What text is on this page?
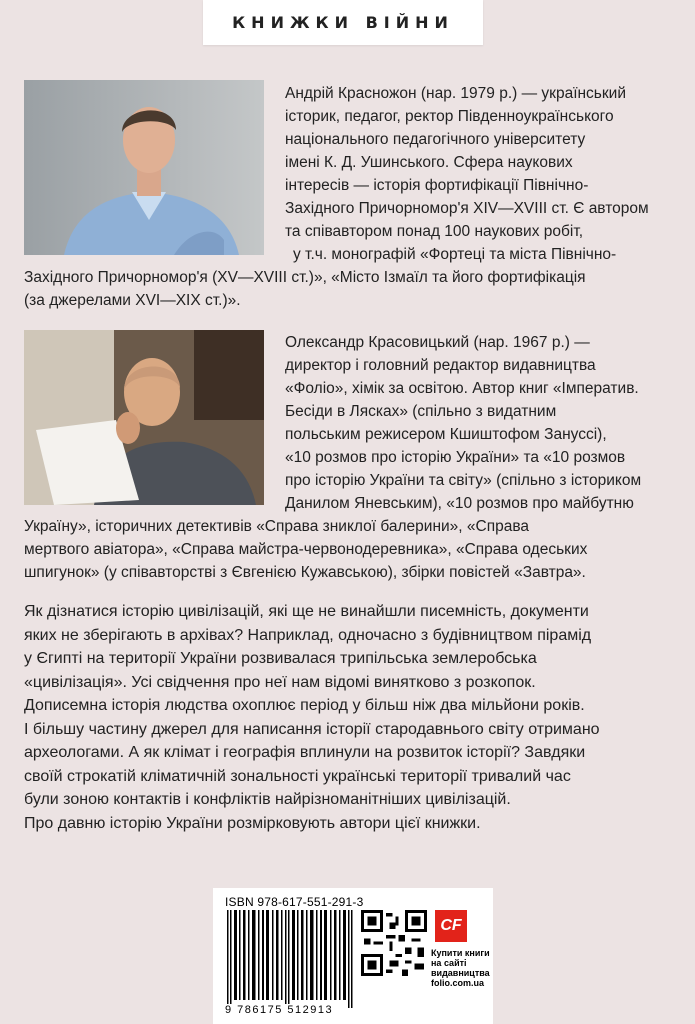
КНИЖКИ ВІЙНИ
Андрій Красножон (нар. 1979 р.) — український
історик, педагог, ректор Південноукраїнського
національного педагогічного університету
імені К. Д. Ушинського. Сфера наукових
інтересів — історія фортифікації Північно-
Західного Причорномор'я XIV—XVIII ст. Є автором
та співавтором понад 100 наукових робіт,
у т.ч. монографій «Фортеці та міста Північно-
Західного Причорномор'я (XV—XVIII ст.)», «Місто Ізмаїл та його фортифікація
(за джерелами XVI—XIX ст.)».
Олександр Красовицький (нар. 1967 р.) —
директор і головний редактор видавництва
«Фоліо», хімік за освітою. Автор книг «Імператив.
Бесіди в Лясках» (спільно з видатним
польським режисером Кшиштофом Зануссі),
«10 розмов про історію України» та «10 розмов
про історію України та світу» (спільно з істориком
Данилом Яневським), «10 розмов про майбутню
Україну», історичних детективів «Справа зниклої балерини», «Справа
мертвого авіатора», «Справа майстра-червонодеревника», «Справа одеських
шпигунок» (у співавторстві з Євгенією Кужавською), збірки повістей «Завтра».
Як дізнатися історію цивілізацій, які ще не винайшли писемність, документи
яких не зберігають в архівах? Наприклад, одночасно з будівництвом пірамід
у Єгипті на території України розвивалася трипільська землеробська
«цивілізація». Усі свідчення про неї нам відомі винятково з розкопок.
Дописемна історія людства охоплює період у більш ніж два мільйони років.
І більшу частину джерел для написання історії стародавнього світу отримано
археологами. А як клімат і географія вплинули на розвиток історії? Завдяки
своїй строкатій кліматичній зональності українські території тривалий час
були зоною контактів і конфліктів найрізноманітніших цивілізацій.
Про давню історію України розмірковують автори цієї книжки.
ISBN 978-617-551-291-3
9 786175 512913
CF
Купити книги
на сайті
видавництва
folio.com.ua
